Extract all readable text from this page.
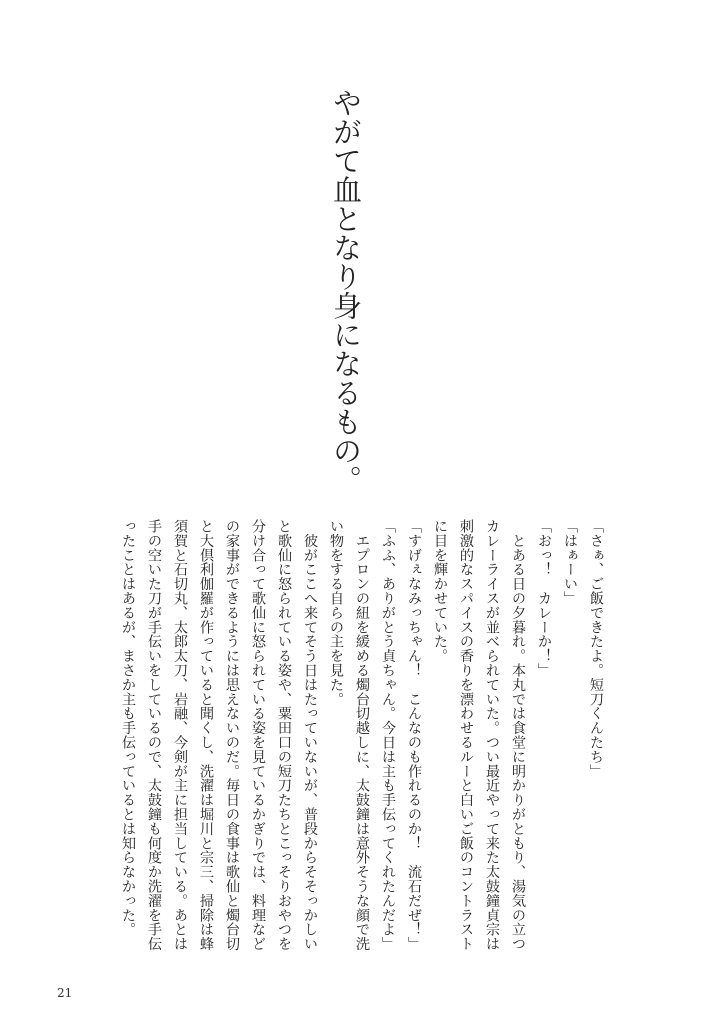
やがて血となり身になるもの。

「さぁ、ご飯できたよ。短刀くんたち」

「はぁーい」

「おっ！　カレーか！」

　とある日の夕暮れ。本丸では食堂に明かりがともり、湯気の立つカレーライスが並べられていた。つい最近やって来た太鼓鐘貞宗は刺激的なスパイスの香りを漂わせるルーと白いご飯のコントラストに目を輝かせていた。

「すげぇなみっちゃん！　こんなのも作れるのか！　流石だぜ！」

「ふふ、ありがとう貞ちゃん。今日は主も手伝ってくれたんだよ」

　エプロンの紐を緩める燭台切越しに、太鼓鐘は意外そうな顔で洗い物をする自らの主を見た。

　彼がここへ来てそう日はたっていないが、普段からそそっかしいと歌仙に怒られている姿や、粟田口の短刀たちとこっそりおやつを分け合って歌仙に怒られている姿を見ているかぎりでは、料理などの家事ができるようには思えないのだ。毎日の食事は歌仙と燭台切と大倶利伽羅が作っていると聞くし、洗濯は堀川と宗三、掃除は蜂須賀と石切丸、太郎太刀、岩融、今剣が主に担当している。あとは手の空いた刀が手伝いをしているので、太鼓鐘も何度か洗濯を手伝ったことはあるが、まさか主も手伝っているとは知らなかった。

21
